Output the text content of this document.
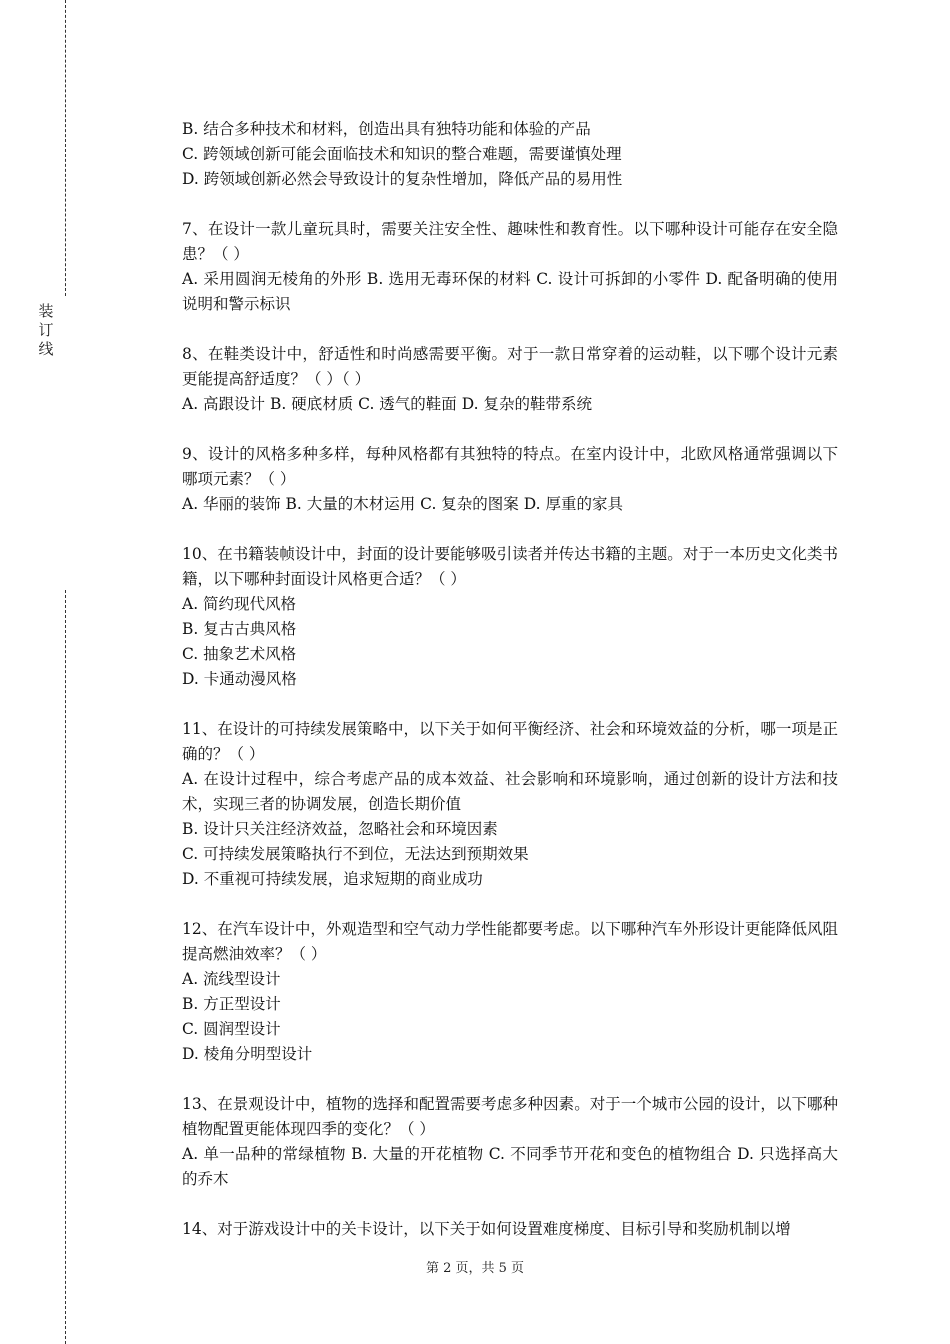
装
订
线

B. 结合多种技术和材料，创造出具有独特功能和体验的产品

C. 跨领域创新可能会面临技术和知识的整合难题，需要谨慎处理

D. 跨领域创新必然会导致设计的复杂性增加，降低产品的易用性

7、在设计一款儿童玩具时，需要关注安全性、趣味性和教育性。以下哪种设计可能存在安全隐患？（ ）

A. 采用圆润无棱角的外形 B. 选用无毒环保的材料 C. 设计可拆卸的小零件 D. 配备明确的使用说明和警示标识

8、在鞋类设计中，舒适性和时尚感需要平衡。对于一款日常穿着的运动鞋，以下哪个设计元素更能提高舒适度？（ ）（ ）

A. 高跟设计 B. 硬底材质 C. 透气的鞋面 D. 复杂的鞋带系统

9、设计的风格多种多样，每种风格都有其独特的特点。在室内设计中，北欧风格通常强调以下哪项元素？（ ）

A. 华丽的装饰 B. 大量的木材运用 C. 复杂的图案 D. 厚重的家具

10、在书籍装帧设计中，封面的设计要能够吸引读者并传达书籍的主题。对于一本历史文化类书籍，以下哪种封面设计风格更合适？（ ）

A. 简约现代风格

B. 复古古典风格

C. 抽象艺术风格

D. 卡通动漫风格

11、在设计的可持续发展策略中，以下关于如何平衡经济、社会和环境效益的分析，哪一项是正确的？（ ）

A. 在设计过程中，综合考虑产品的成本效益、社会影响和环境影响，通过创新的设计方法和技术，实现三者的协调发展，创造长期价值

B. 设计只关注经济效益，忽略社会和环境因素

C. 可持续发展策略执行不到位，无法达到预期效果

D. 不重视可持续发展，追求短期的商业成功

12、在汽车设计中，外观造型和空气动力学性能都要考虑。以下哪种汽车外形设计更能降低风阻提高燃油效率？（ ）

A. 流线型设计

B. 方正型设计

C. 圆润型设计

D. 棱角分明型设计

13、在景观设计中，植物的选择和配置需要考虑多种因素。对于一个城市公园的设计，以下哪种植物配置更能体现四季的变化？（ ）

A. 单一品种的常绿植物 B. 大量的开花植物 C. 不同季节开花和变色的植物组合 D. 只选择高大的乔木

14、对于游戏设计中的关卡设计，以下关于如何设置难度梯度、目标引导和奖励机制以增

第 2 页，共 5 页
